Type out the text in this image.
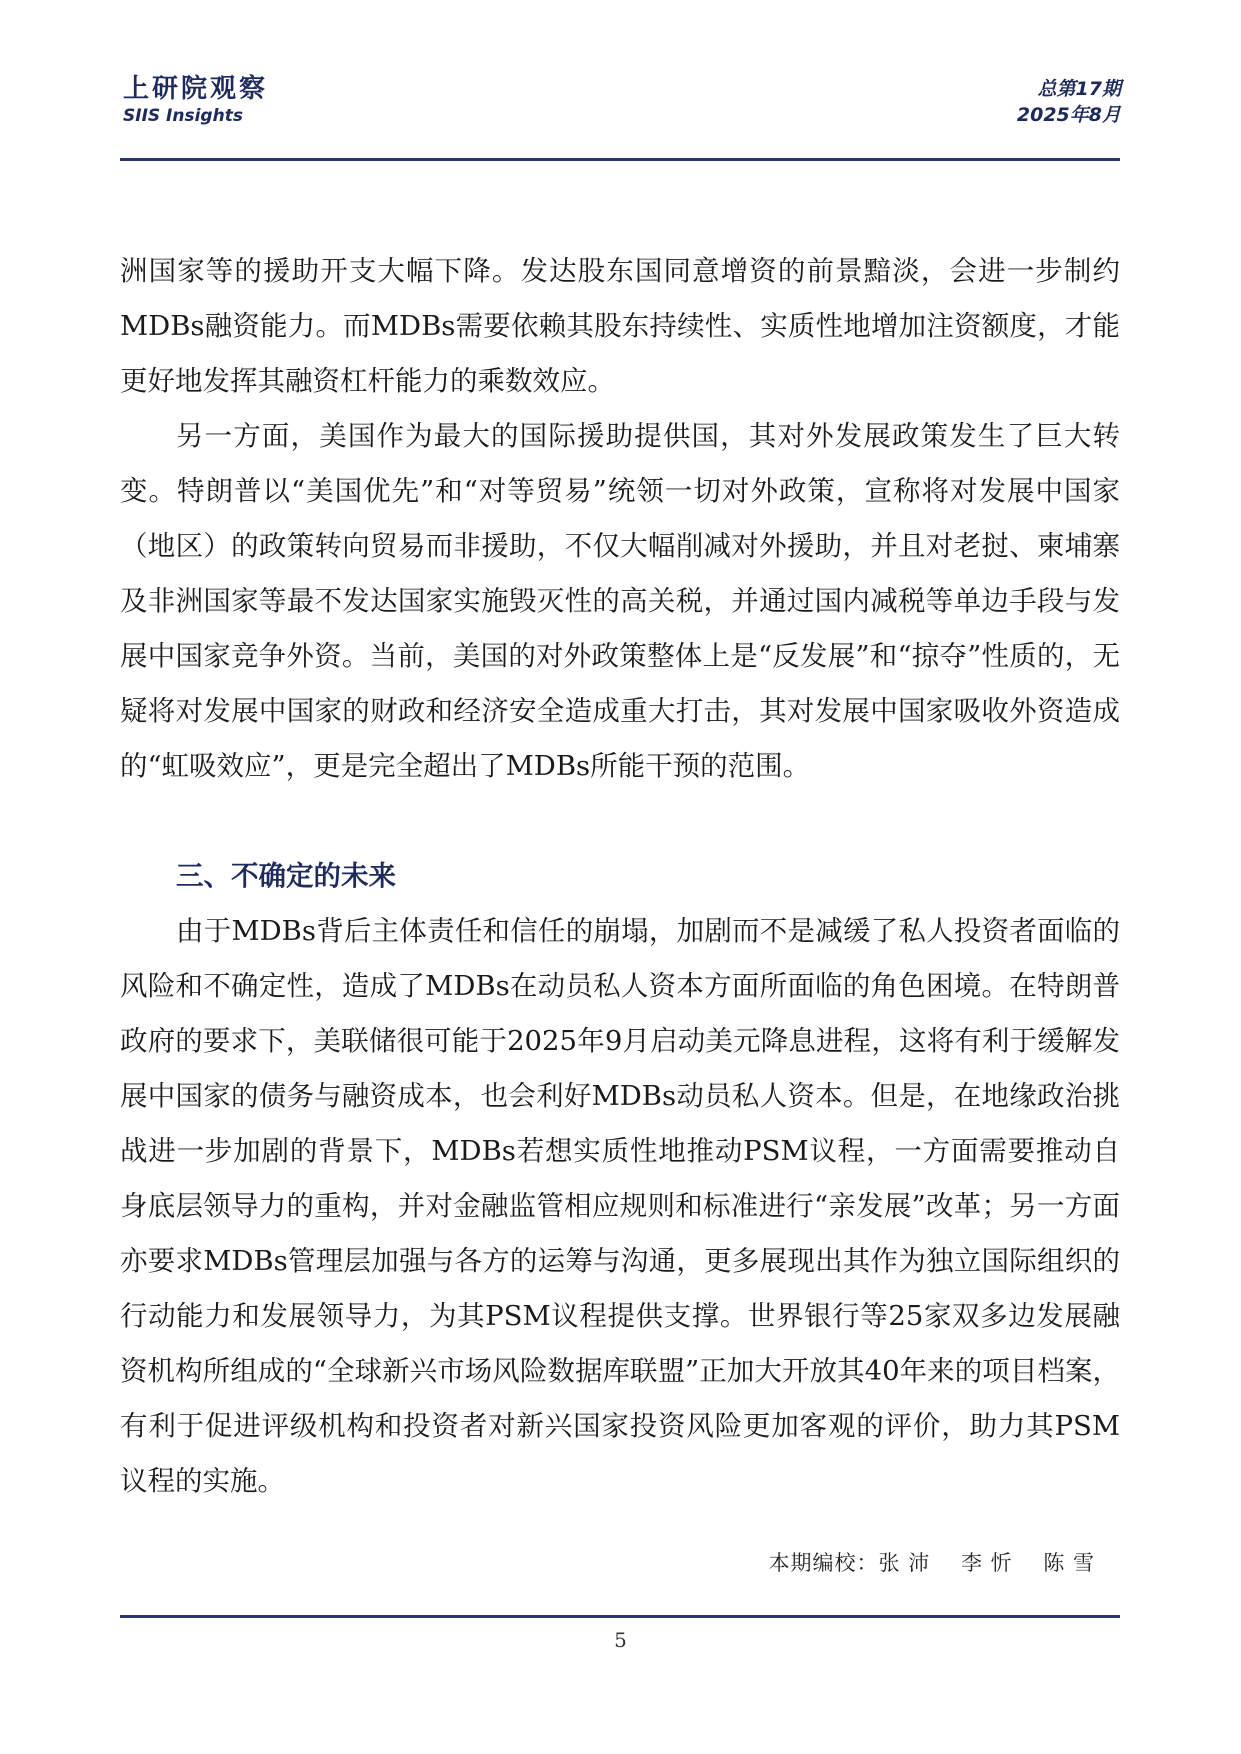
上研院观察
SIIS Insights
总第17期
2025年8月

洲国家等的援助开支大幅下降。发达股东国同意增资的前景黯淡，会进一步制约MDBs融资能力。而MDBs需要依赖其股东持续性、实质性地增加注资额度，才能更好地发挥其融资杠杆能力的乘数效应。

另一方面，美国作为最大的国际援助提供国，其对外发展政策发生了巨大转变。特朗普以“美国优先”和“对等贸易”统领一切对外政策，宣称将对发展中国家（地区）的政策转向贸易而非援助，不仅大幅削减对外援助，并且对老挝、柬埔寨及非洲国家等最不发达国家实施毁灭性的高关税，并通过国内减税等单边手段与发展中国家竞争外资。当前，美国的对外政策整体上是“反发展”和“掠夺”性质的，无疑将对发展中国家的财政和经济安全造成重大打击，其对发展中国家吸收外资造成的“虹吸效应”，更是完全超出了MDBs所能干预的范围。

三、不确定的未来

由于MDBs背后主体责任和信任的崩塌，加剧而不是减缓了私人投资者面临的风险和不确定性，造成了MDBs在动员私人资本方面所面临的角色困境。在特朗普政府的要求下，美联储很可能于2025年9月启动美元降息进程，这将有利于缓解发展中国家的债务与融资成本，也会利好MDBs动员私人资本。但是，在地缘政治挑战进一步加剧的背景下，MDBs若想实质性地推动PSM议程，一方面需要推动自身底层领导力的重构，并对金融监管相应规则和标准进行“亲发展”改革；另一方面亦要求MDBs管理层加强与各方的运筹与沟通，更多展现出其作为独立国际组织的行动能力和发展领导力，为其PSM议程提供支撑。世界银行等25家双多边发展融资机构所组成的“全球新兴市场风险数据库联盟”正加大开放其40年来的项目档案，有利于促进评级机构和投资者对新兴国家投资风险更加客观的评价，助力其PSM议程的实施。

本期编校：张 沛    李 忻    陈 雪
5
